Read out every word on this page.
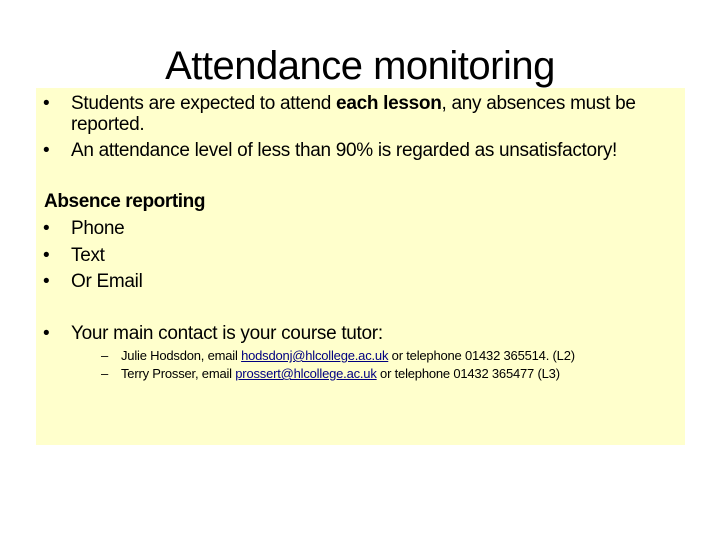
Attendance monitoring
• Students are expected to attend each lesson, any absences must be
reported.
• An attendance level of less than 90% is regarded as unsatisfactory!
Absence reporting
• Phone
• Text
• Or Email
• Your main contact is your course tutor:
– Julie Hodsdon, email hodsdonj@hlcollege.ac.uk or telephone 01432 365514. (L2)
– Terry Prosser, email prossert@hlcollege.ac.uk or telephone 01432 365477 (L3)
